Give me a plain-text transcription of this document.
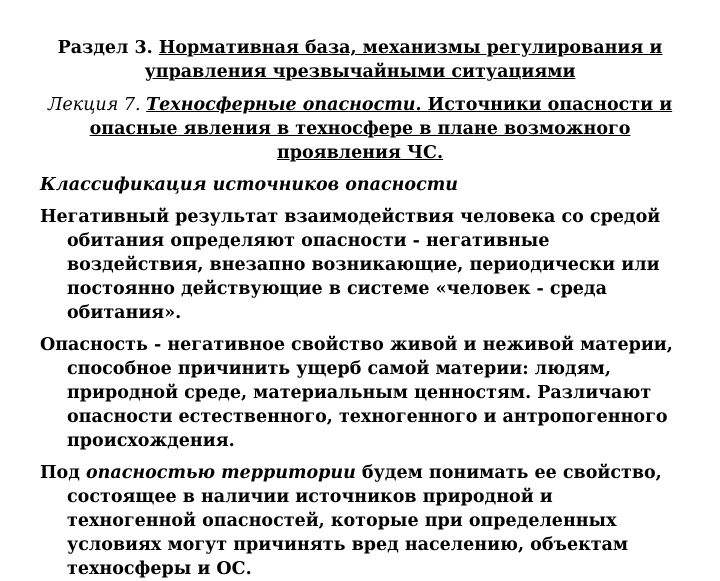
Раздел 3. Нормативная база, механизмы регулирования и управления чрезвычайными ситуациями

Лекция 7. Техносферные опасности. Источники опасности и опасные явления в техносфере в плане возможного проявления ЧС.

Классификация источников опасности

Негативный результат взаимодействия человека со средой обитания определяют опасности - негативные воздействия, внезапно возникающие, периодически или постоянно действующие в системе «человек - среда обитания».

Опасность - негативное свойство живой и неживой материи, способное причинить ущерб самой материи: людям, природной среде, материальным ценностям. Различают опасности естественного, техногенного и антропогенного происхождения.

Под опасностью территории будем понимать ее свойство, состоящее в наличии источников природной и техногенной опасностей, которые при определенных условиях могут причинять вред населению, объектам техносферы и ОС.
